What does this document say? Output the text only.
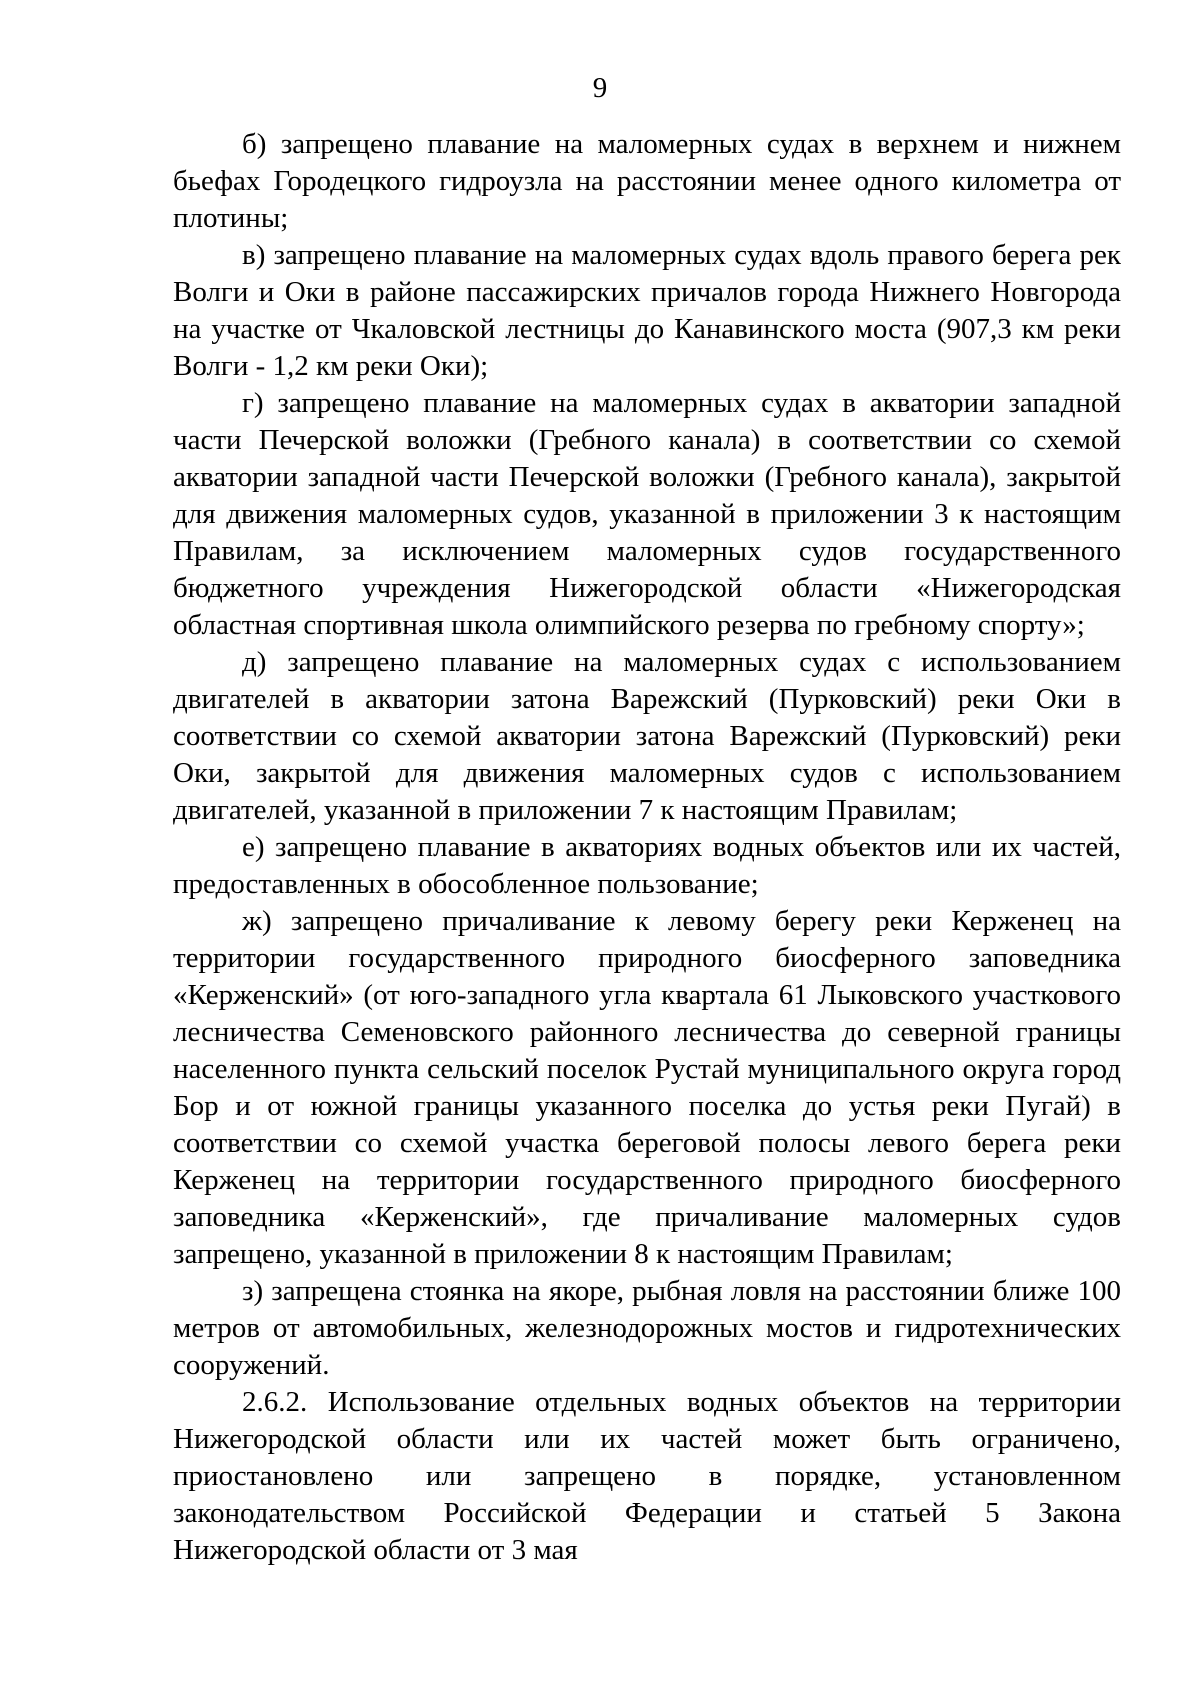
9

б) запрещено плавание на маломерных судах в верхнем и нижнем бьефах Городецкого гидроузла на расстоянии менее одного километра от плотины;

в) запрещено плавание на маломерных судах вдоль правого берега рек Волги и Оки в районе пассажирских причалов города Нижнего Новгорода на участке от Чкаловской лестницы до Канавинского моста (907,3 км реки Волги - 1,2 км реки Оки);

г) запрещено плавание на маломерных судах в акватории западной части Печерской воложки (Гребного канала) в соответствии со схемой акватории западной части Печерской воложки (Гребного канала), закрытой для движения маломерных судов, указанной в приложении 3 к настоящим Правилам, за исключением маломерных судов государственного бюджетного учреждения Нижегородской области «Нижегородская областная спортивная школа олимпийского резерва по гребному спорту»;

д) запрещено плавание на маломерных судах с использованием двигателей в акватории затона Варежский (Пурковский) реки Оки в соответствии со схемой акватории затона Варежский (Пурковский) реки Оки, закрытой для движения маломерных судов с использованием двигателей, указанной в приложении 7 к настоящим Правилам;

е) запрещено плавание в акваториях водных объектов или их частей, предоставленных в обособленное пользование;

ж) запрещено причаливание к левому берегу реки Керженец на территории государственного природного биосферного заповедника «Керженский» (от юго-западного угла квартала 61 Лыковского участкового лесничества Семеновского районного лесничества до северной границы населенного пункта сельский поселок Рустай муниципального округа город Бор и от южной границы указанного поселка до устья реки Пугай) в соответствии со схемой участка береговой полосы левого берега реки Керженец на территории государственного природного биосферного заповедника «Керженский», где причаливание маломерных судов запрещено, указанной в приложении 8 к настоящим Правилам;

з) запрещена стоянка на якоре, рыбная ловля на расстоянии ближе 100 метров от автомобильных, железнодорожных мостов и гидротехнических сооружений.

2.6.2. Использование отдельных водных объектов на территории Нижегородской области или их частей может быть ограничено, приостановлено или запрещено в порядке, установленном законодательством Российской Федерации и статьей 5 Закона Нижегородской области от 3 мая
